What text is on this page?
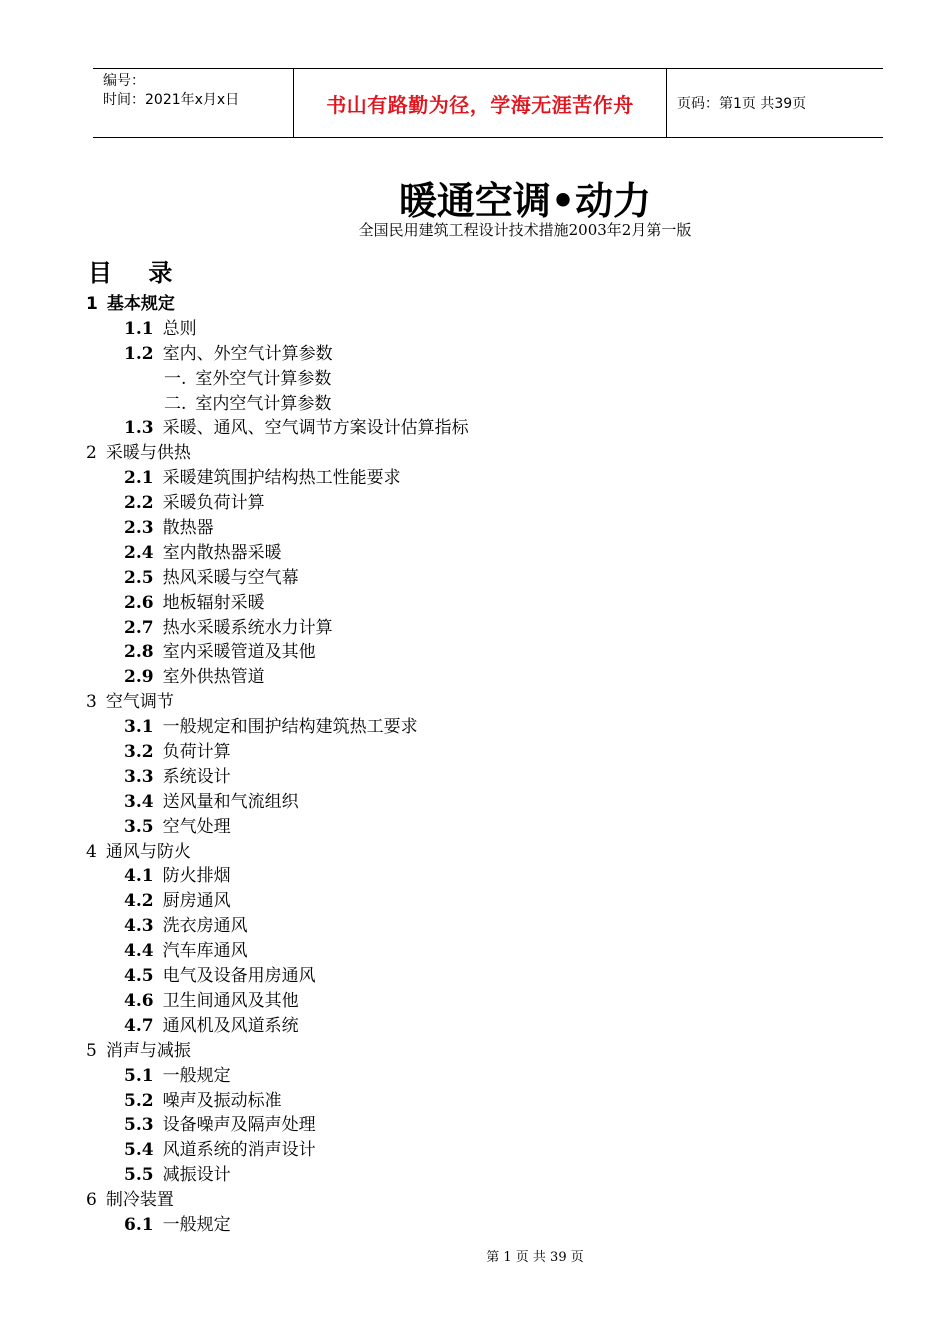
编号：
时间：2021年x月x日	书山有路勤为径，学海无涯苦作舟	页码：第1页 共39页
暖通空调•动力
全国民用建筑工程设计技术措施2003年2月第一版
目 录
1 基本规定
1.1 总则
1.2 室内、外空气计算参数
一. 室外空气计算参数
二. 室内空气计算参数
1.3 采暖、通风、空气调节方案设计估算指标
2 采暖与供热
2.1 采暖建筑围护结构热工性能要求
2.2 采暖负荷计算
2.3 散热器
2.4 室内散热器采暖
2.5 热风采暖与空气幕
2.6 地板辐射采暖
2.7 热水采暖系统水力计算
2.8 室内采暖管道及其他
2.9 室外供热管道
3 空气调节
3.1 一般规定和围护结构建筑热工要求
3.2 负荷计算
3.3 系统设计
3.4 送风量和气流组织
3.5 空气处理
4 通风与防火
4.1 防火排烟
4.2 厨房通风
4.3 洗衣房通风
4.4 汽车库通风
4.5 电气及设备用房通风
4.6 卫生间通风及其他
4.7 通风机及风道系统
5 消声与减振
5.1 一般规定
5.2 噪声及振动标准
5.3 设备噪声及隔声处理
5.4 风道系统的消声设计
5.5 减振设计
6 制冷装置
6.1 一般规定
第 1 页 共 39 页
